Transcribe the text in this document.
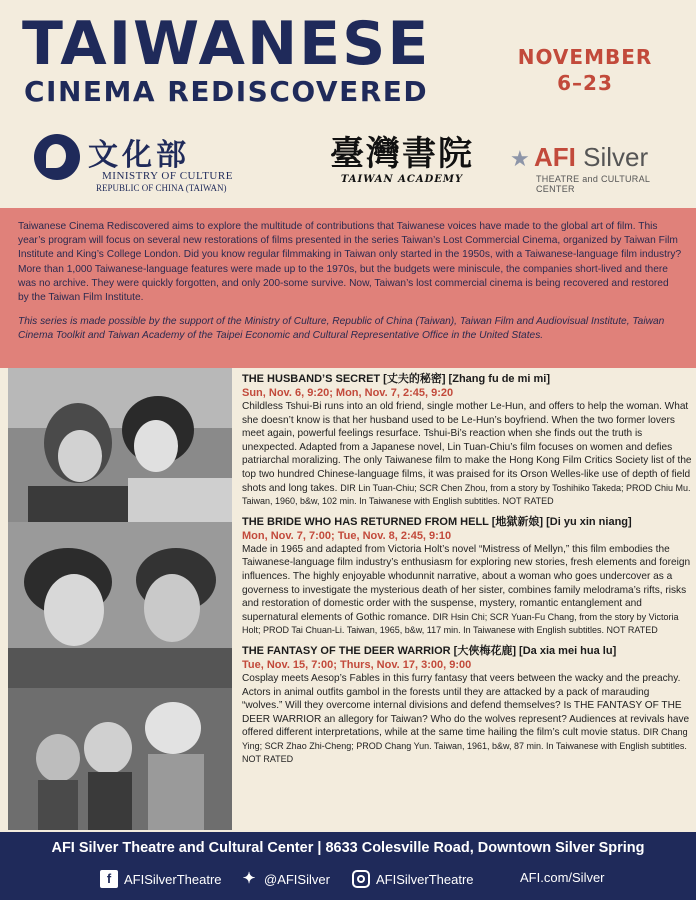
TAIWANESE
CINEMA REDISCOVERED
NOVEMBER
6–23
文化部
MINISTRY OF CULTURE
REPUBLIC OF CHINA (TAIWAN)
臺灣書院
TAIWAN ACADEMY
★ AFI Silver
THEATRE and CULTURAL CENTER

Taiwanese Cinema Rediscovered aims to explore the multitude of contributions that Taiwanese voices have made to the global art of film. This year’s program will focus on several new restorations of films presented in the series Taiwan’s Lost Commercial Cinema, organized by Taiwan Film Institute and King’s College London. Did you know regular filmmaking in Taiwan only started in the 1950s, with a Taiwanese-language film industry? More than 1,000 Taiwanese-language features were made up to the 1970s, but the budgets were miniscule, the companies short-lived and there was no archive. They were quickly forgotten, and only 200-some survive. Now, Taiwan’s lost commercial cinema is being recovered and restored by the Taiwan Film Institute.

This series is made possible by the support of the Ministry of Culture, Republic of China (Taiwan), Taiwan Film and Audiovisual Institute, Taiwan Cinema Toolkit and Taiwan Academy of the Taipei Economic and Cultural Representative Office in the United States.

THE HUSBAND’S SECRET [丈夫的秘密] [Zhang fu de mi mi]
Sun, Nov. 6, 9:20; Mon, Nov. 7, 2:45, 9:20
Childless Tshui-Bi runs into an old friend, single mother Le-Hun, and offers to help the woman. What she doesn’t know is that her husband used to be Le-Hun’s boyfriend. When the two former lovers meet again, powerful feelings resurface. Tshui-Bi’s reaction when she finds out the truth is unexpected. Adapted from a Japanese novel, Lin Tuan-Chiu’s film focuses on women and defies patriarchal moralizing. The only Taiwanese film to make the Hong Kong Film Critics Society list of the top two hundred Chinese-language films, it was praised for its Orson Welles-like use of depth of field shots and long takes. DIR Lin Tuan-Chiu; SCR Chen Zhou, from a story by Toshihiko Takeda; PROD Chiu Mu. Taiwan, 1960, b&w, 102 min. In Taiwanese with English subtitles. NOT RATED
THE BRIDE WHO HAS RETURNED FROM HELL [地獄新娘] [Di yu xin niang]
Mon, Nov. 7, 7:00; Tue, Nov. 8, 2:45, 9:10
Made in 1965 and adapted from Victoria Holt’s novel “Mistress of Mellyn,” this film embodies the Taiwanese-language film industry’s enthusiasm for exploring new stories, fresh elements and foreign influences. The highly enjoyable whodunnit narrative, about a woman who goes undercover as a governess to investigate the mysterious death of her sister, combines family melodrama’s rifts, risks and restoration of domestic order with the suspense, mystery, romantic entanglement and supernatural elements of Gothic romance. DIR Hsin Chi; SCR Yuan-Fu Chang, from the story by Victoria Holt; PROD Tai Chuan-Li. Taiwan, 1965, b&w, 117 min. In Taiwanese with English subtitles. NOT RATED
THE FANTASY OF THE DEER WARRIOR [大俠梅花鹿] [Da xia mei hua lu]
Tue, Nov. 15, 7:00; Thurs, Nov. 17, 3:00, 9:00
Cosplay meets Aesop’s Fables in this furry fantasy that veers between the wacky and the preachy. Actors in animal outfits gambol in the forests until they are attacked by a pack of marauding “wolves.” Will they overcome internal divisions and defend themselves? Is THE FANTASY OF THE DEER WARRIOR an allegory for Taiwan? Who do the wolves represent? Audiences at revivals have offered different interpretations, while at the same time hailing the film’s cult movie status. DIR Chang Ying; SCR Zhao Zhi-Cheng; PROD Chang Yun. Taiwan, 1961, b&w, 87 min. In Taiwanese with English subtitles. NOT RATED
AFI Silver Theatre and Cultural Center | 8633 Colesville Road, Downtown Silver Spring
f AFISilverTheatre ✦ @AFISilver	AFISilverTheatre	AFI.com/Silver
